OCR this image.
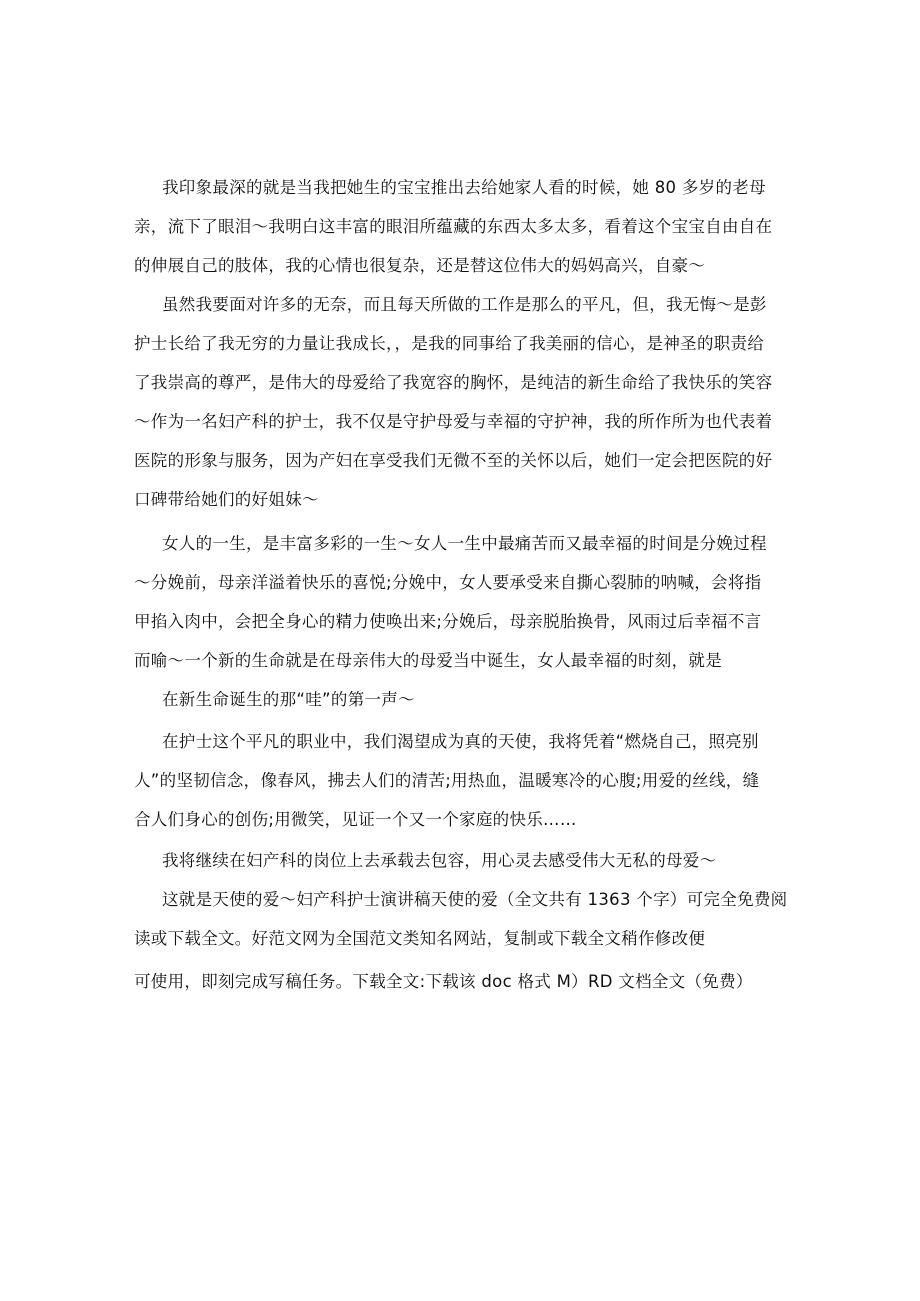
我印象最深的就是当我把她生的宝宝推出去给她家人看的时候，她 80 多岁的老母
亲，流下了眼泪～我明白这丰富的眼泪所蕴藏的东西太多太多，看着这个宝宝自由自在
的伸展自己的肢体，我的心情也很复杂，还是替这位伟大的妈妈高兴，自豪～
虽然我要面对许多的无奈，而且每天所做的工作是那么的平凡，但，我无悔～是彭
护士长给了我无穷的力量让我成长，，是我的同事给了我美丽的信心，是神圣的职责给
了我崇高的尊严，是伟大的母爱给了我宽容的胸怀，是纯洁的新生命给了我快乐的笑容
～作为一名妇产科的护士，我不仅是守护母爱与幸福的守护神，我的所作所为也代表着
医院的形象与服务，因为产妇在享受我们无微不至的关怀以后，她们一定会把医院的好
口碑带给她们的好姐妹～
女人的一生，是丰富多彩的一生～女人一生中最痛苦而又最幸福的时间是分娩过程
～分娩前，母亲洋溢着快乐的喜悦;分娩中，女人要承受来自撕心裂肺的呐喊，会将指
甲掐入肉中，会把全身心的精力使唤出来;分娩后，母亲脱胎换骨，风雨过后幸福不言
而喻～一个新的生命就是在母亲伟大的母爱当中诞生，女人最幸福的时刻，就是
在新生命诞生的那“哇”的第一声～
在护士这个平凡的职业中，我们渴望成为真的天使，我将凭着“燃烧自己，照亮别
人”的坚韧信念，像春风，拂去人们的清苦;用热血，温暖寒冷的心腹;用爱的丝线，缝
合人们身心的创伤;用微笑，见证一个又一个家庭的快乐……
我将继续在妇产科的岗位上去承载去包容，用心灵去感受伟大无私的母爱～
这就是天使的爱～妇产科护士演讲稿天使的爱（全文共有 1363 个字）可完全免费阅
读或下载全文。好范文网为全国范文类知名网站，复制或下载全文稍作修改便
可使用，即刻完成写稿任务。下载全文:下载该 doc 格式 M）RD 文档全文（免费）
